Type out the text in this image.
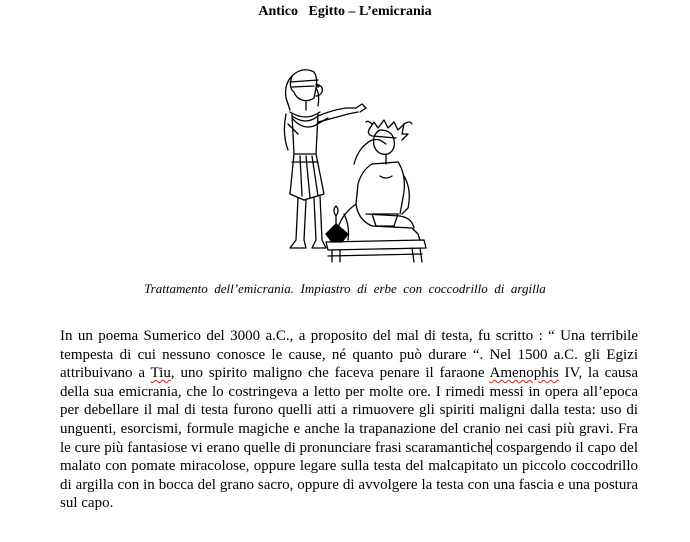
Antico   Egitto – L’emicrania
Trattamento  dell’emicrania.  Impiastro  di  erbe  con  coccodrillo  di  argilla

In un poema Sumerico del 3000 a.C., a proposito del mal di testa, fu scritto : “ Una terribile tempesta di cui nessuno conosce le cause, né quanto può durare “. Nel 1500 a.C. gli Egizi attribuivano a Tiu, uno spirito maligno che faceva penare il faraone Amenophis IV, la causa della sua emicrania, che lo costringeva a letto per molte ore. I rimedi messi in opera all’epoca per debellare il mal di testa furono quelli atti a rimuovere gli spiriti maligni dalla testa: uso di unguenti, esorcismi, formule magiche e anche la trapanazione del cranio nei casi più gravi. Fra le cure più fantasiose vi erano quelle di pronunciare frasi scaramantiche cospargendo il capo del malato con pomate miracolose, oppure legare sulla testa del malcapitato un piccolo coccodrillo di argilla con in bocca del grano sacro, oppure di avvolgere la testa con una fascia e una postura sul capo.
